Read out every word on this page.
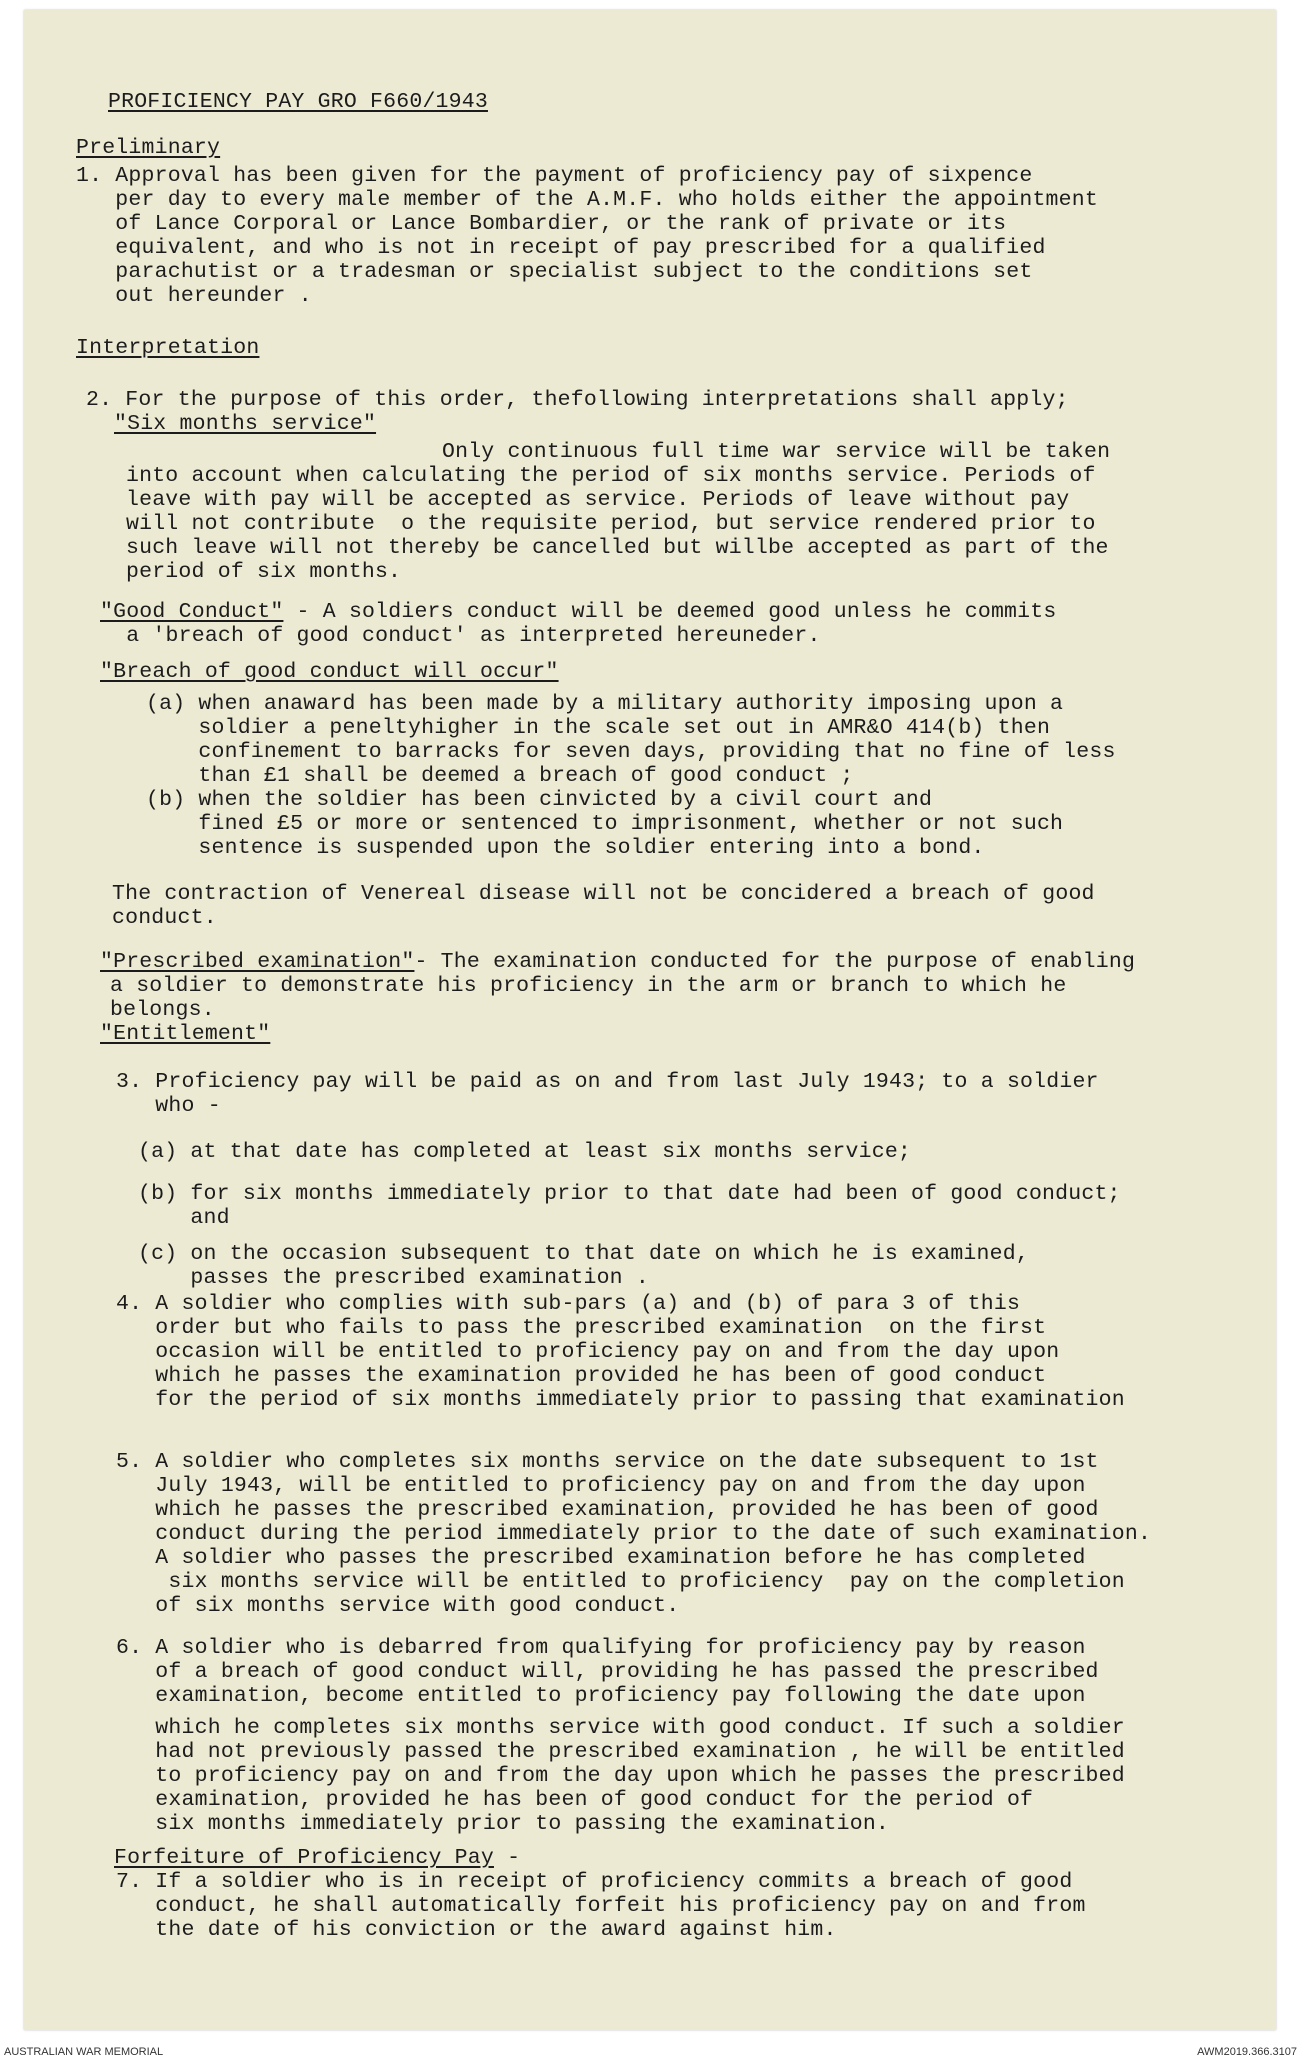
PROFICIENCY PAY GRO F660/1943
Preliminary
1. Approval has been given for the payment of proficiency pay of sixpence
per day to every male member of the A.M.F. who holds either the appointment
of Lance Corporal or Lance Bombardier, or the rank of private or its
equivalent, and who is not in receipt of pay prescribed for a qualified
parachutist or a tradesman or specialist subject to the conditions set
out hereunder .
Interpretation
2. For the purpose of this order, thefollowing interpretations shall apply;
"Six months service"
Only continuous full time war service will be taken
into account when calculating the period of six months service. Periods of
leave with pay will be accepted as service. Periods of leave without pay
will not contribute  o the requisite period, but service rendered prior to
such leave will not thereby be cancelled but willbe accepted as part of the
period of six months.
"Good Conduct" - A soldiers conduct will be deemed good unless he commits
a 'breach of good conduct' as interpreted hereuneder.
"Breach of good conduct will occur"
(a) when anaward has been made by a military authority imposing upon a
soldier a peneltyhigher in the scale set out in AMR&O 414(b) then
confinement to barracks for seven days, providing that no fine of less
than £1 shall be deemed a breach of good conduct ;
(b) when the soldier has been cinvicted by a civil court and
fined £5 or more or sentenced to imprisonment, whether or not such
sentence is suspended upon the soldier entering into a bond.
The contraction of Venereal disease will not be concidered a breach of good
conduct.
"Prescribed examination"- The examination conducted for the purpose of enabling
a soldier to demonstrate his proficiency in the arm or branch to which he
belongs.
"Entitlement"
3. Proficiency pay will be paid as on and from last July 1943; to a soldier
who -
(a) at that date has completed at least six months service;
(b) for six months immediately prior to that date had been of good conduct;
and
(c) on the occasion subsequent to that date on which he is examined,
passes the prescribed examination .
4. A soldier who complies with sub-pars (a) and (b) of para 3 of this
order but who fails to pass the prescribed examination  on the first
occasion will be entitled to proficiency pay on and from the day upon
which he passes the examination provided he has been of good conduct
for the period of six months immediately prior to passing that examination
5. A soldier who completes six months service on the date subsequent to 1st
July 1943, will be entitled to proficiency pay on and from the day upon
which he passes the prescribed examination, provided he has been of good
conduct during the period immediately prior to the date of such examination.
A soldier who passes the prescribed examination before he has completed
six months service will be entitled to proficiency  pay on the completion
of six months service with good conduct.
6. A soldier who is debarred from qualifying for proficiency pay by reason
of a breach of good conduct will, providing he has passed the prescribed
examination, become entitled to proficiency pay following the date upon
which he completes six months service with good conduct. If such a soldier
had not previously passed the prescribed examination , he will be entitled
to proficiency pay on and from the day upon which he passes the prescribed
examination, provided he has been of good conduct for the period of
six months immediately prior to passing the examination.
Forfeiture of Proficiency Pay -
7. If a soldier who is in receipt of proficiency commits a breach of good
conduct, he shall automatically forfeit his proficiency pay on and from
the date of his conviction or the award against him.
AUSTRALIAN WAR MEMORIAL	AWM2019.366.3107
